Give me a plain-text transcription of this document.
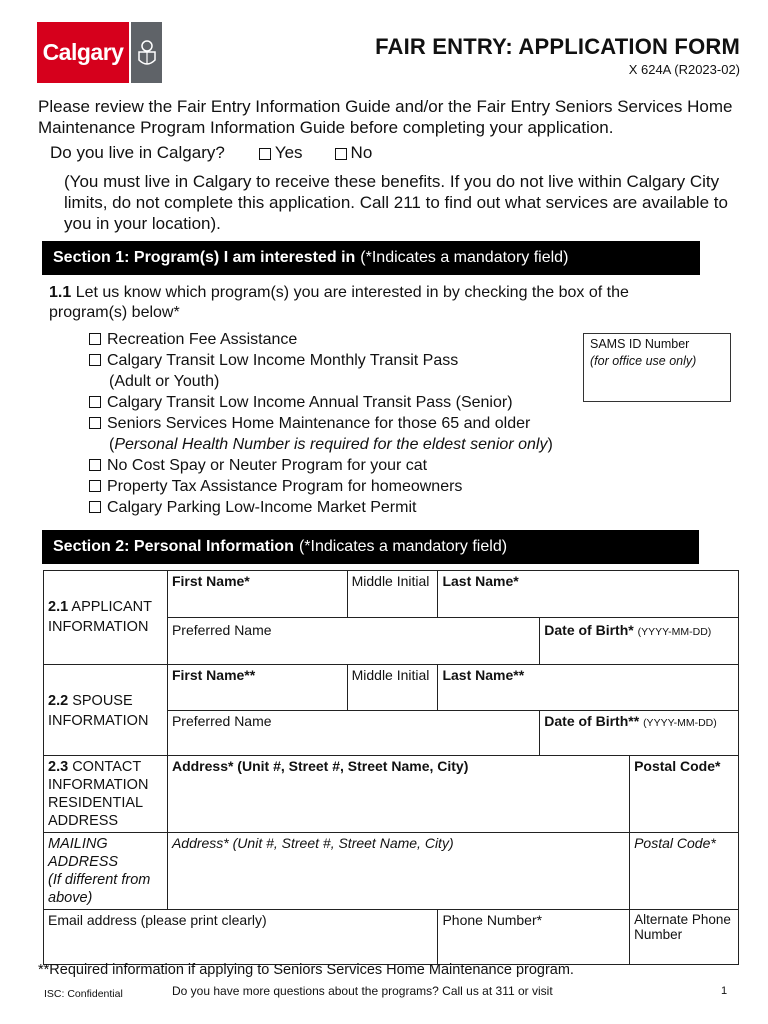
Calgary	FAIR ENTRY: APPLICATION FORM
X 624A (R2023-02)
Please review the Fair Entry Information Guide and/or the Fair Entry Seniors Services Home Maintenance Program Information Guide before completing your application.
Do you live in Calgary?	Yes	No
(You must live in Calgary to receive these benefits. If you do not live within Calgary City limits, do not complete this application. Call 211 to find out what services are available to you in your location).
Section 1: Program(s) I am interested in (*Indicates a mandatory field)
1.1 Let us know which program(s) you are interested in by checking the box of the program(s) below*
Recreation Fee Assistance
Calgary Transit Low Income Monthly Transit Pass
(Adult or Youth)
Calgary Transit Low Income Annual Transit Pass (Senior)
Seniors Services Home Maintenance for those 65 and older
(Personal Health Number is required for the eldest senior only)
No Cost Spay or Neuter Program for your cat
Property Tax Assistance Program for homeowners
Calgary Parking Low-Income Market Permit
SAMS ID Number
(for office use only)
Section 2: Personal Information (*Indicates a mandatory field)
2.1 APPLICANT
INFORMATION	First Name*	Middle Initial	Last Name*		
	Preferred Name			Date of Birth* (YYYY-MM-DD)	
2.2 SPOUSE
INFORMATION	First Name**	Middle Initial	Last Name**		
	Preferred Name			Date of Birth** (YYYY-MM-DD)	
2.3 CONTACT
INFORMATION
RESIDENTIAL ADDRESS	Address* (Unit #, Street #, Street Name, City)				Postal Code*
MAILING ADDRESS
(If different from above)	Address* (Unit #, Street #, Street Name, City)				Postal Code*
Email address (please print clearly)			Phone Number*		Alternate Phone Number
**Required information if applying to Seniors Services Home Maintenance program.
ISC: Confidential	Do you have more questions about the programs? Call us at 311 or visit	1
